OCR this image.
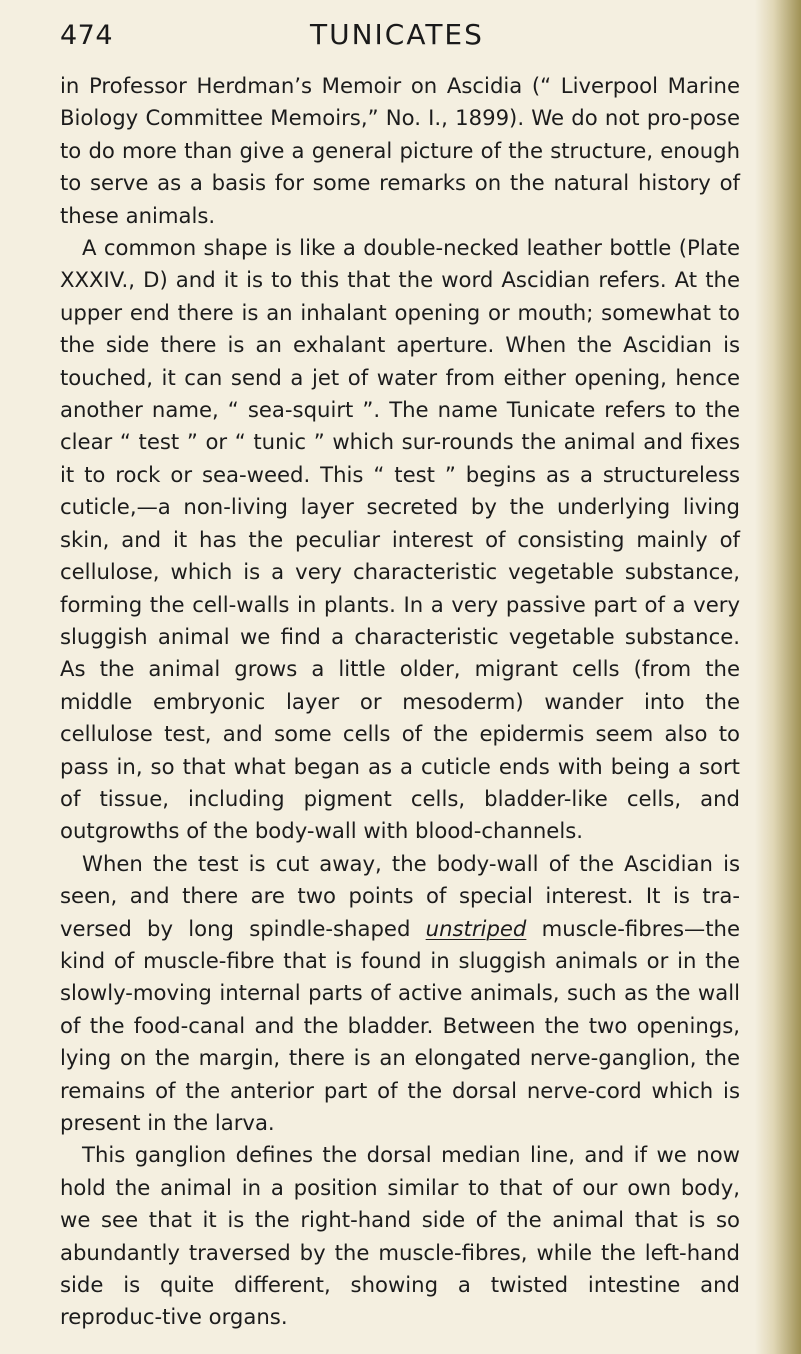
474	TUNICATES

in Professor Herdman’s Memoir on Ascidia (“ Liverpool Marine Biology Committee Memoirs,” No. I., 1899). We do not pro-pose to do more than give a general picture of the structure, enough to serve as a basis for some remarks on the natural history of these animals.

A common shape is like a double-necked leather bottle (Plate XXXIV., D) and it is to this that the word Ascidian refers. At the upper end there is an inhalant opening or mouth; somewhat to the side there is an exhalant aperture. When the Ascidian is touched, it can send a jet of water from either opening, hence another name, “ sea-squirt ”. The name Tunicate refers to the clear “ test ” or “ tunic ” which sur-rounds the animal and fixes it to rock or sea-weed. This “ test ” begins as a structureless cuticle,—a non-living layer secreted by the underlying living skin, and it has the peculiar interest of consisting mainly of cellulose, which is a very characteristic vegetable substance, forming the cell-walls in plants. In a very passive part of a very sluggish animal we find a characteristic vegetable substance. As the animal grows a little older, migrant cells (from the middle embryonic layer or mesoderm) wander into the cellulose test, and some cells of the epidermis seem also to pass in, so that what began as a cuticle ends with being a sort of tissue, including pigment cells, bladder-like cells, and outgrowths of the body-wall with blood-channels.

When the test is cut away, the body-wall of the Ascidian is seen, and there are two points of special interest. It is tra-versed by long spindle-shaped unstriped muscle-fibres—the kind of muscle-fibre that is found in sluggish animals or in the slowly-moving internal parts of active animals, such as the wall of the food-canal and the bladder. Between the two openings, lying on the margin, there is an elongated nerve-ganglion, the remains of the anterior part of the dorsal nerve-cord which is present in the larva.

This ganglion defines the dorsal median line, and if we now hold the animal in a position similar to that of our own body, we see that it is the right-hand side of the animal that is so abundantly traversed by the muscle-fibres, while the left-hand side is quite different, showing a twisted intestine and reproduc-tive organs.
